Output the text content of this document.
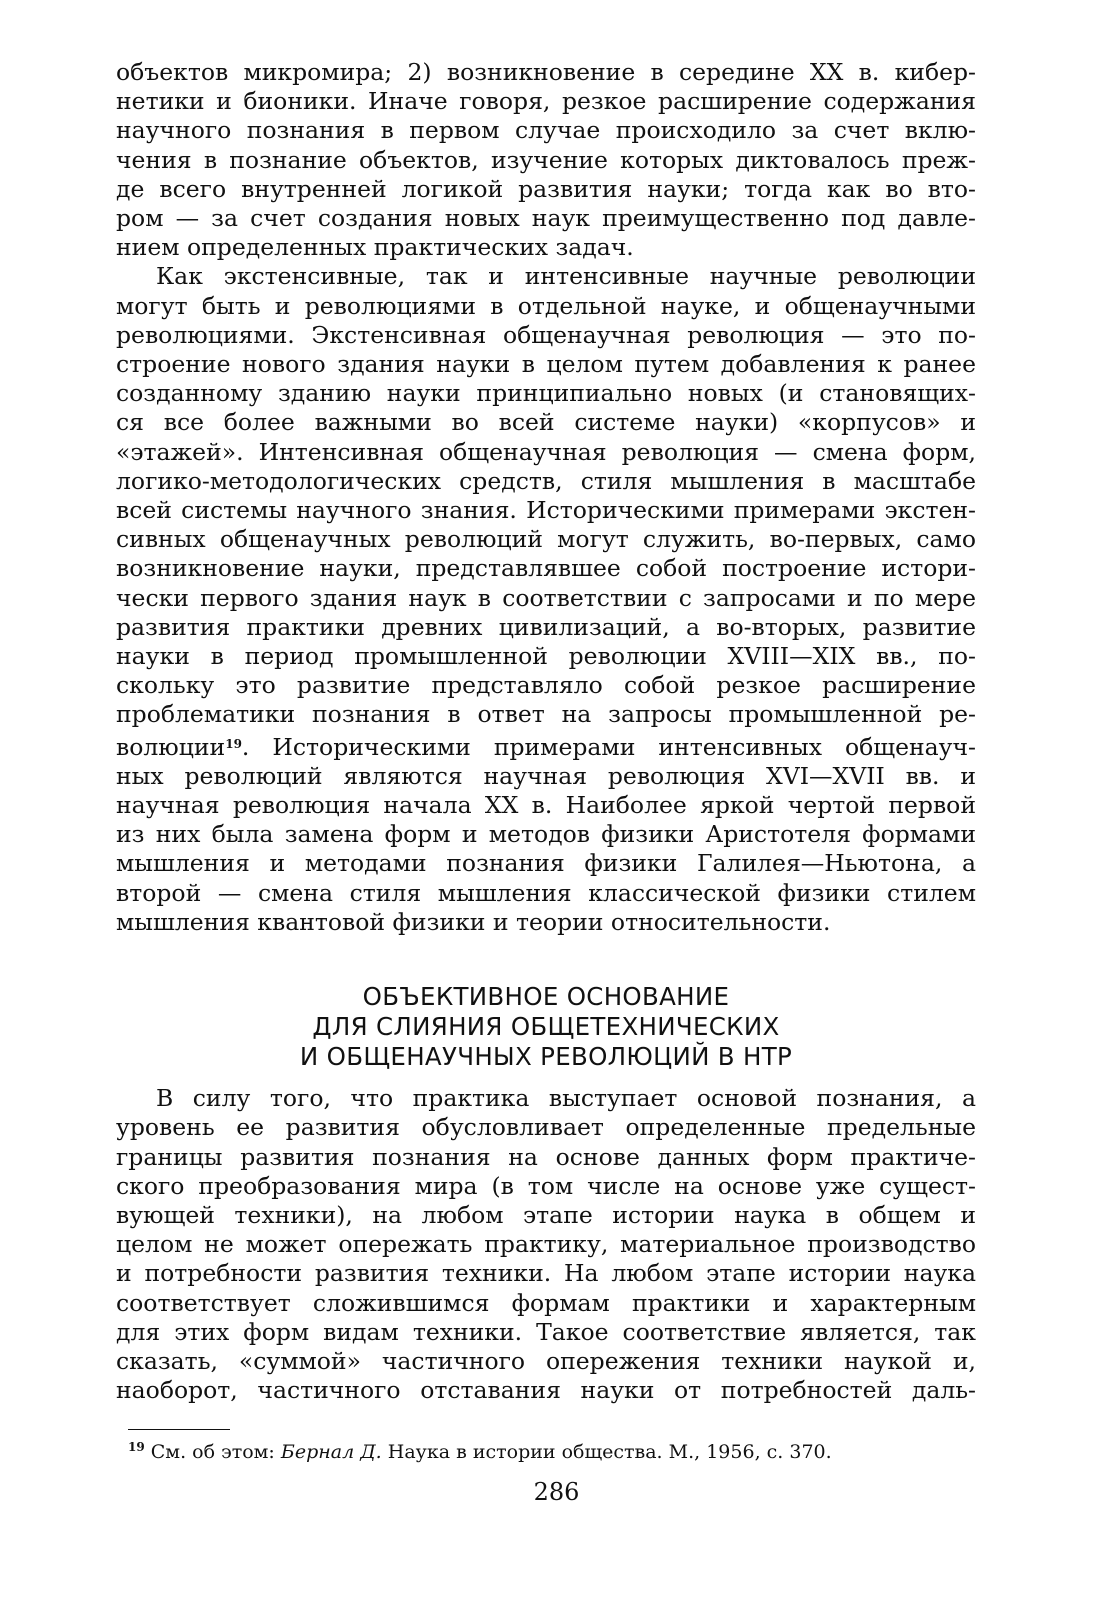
объектов микромира; 2) возникновение в середине XX в. кибер-
нетики и бионики. Иначе говоря, резкое расширение содержания
научного познания в первом случае происходило за счет вклю-
чения в познание объектов, изучение которых диктовалось преж-
де всего внутренней логикой развития науки; тогда как во вто-
ром — за счет создания новых наук преимущественно под давле-
нием определенных практических задач.

Как экстенсивные, так и интенсивные научные революции
могут быть и революциями в отдельной науке, и общенаучными
революциями. Экстенсивная общенаучная революция — это по-
строение нового здания науки в целом путем добавления к ранее
созданному зданию науки принципиально новых (и становящих-
ся все более важными во всей системе науки) «корпусов» и
«этажей». Интенсивная общенаучная революция — смена форм,
логико-методологических средств, стиля мышления в масштабе
всей системы научного знания. Историческими примерами экстен-
сивных общенаучных революций могут служить, во-первых, само
возникновение науки, представлявшее собой построение истори-
чески первого здания наук в соответствии с запросами и по мере
развития практики древних цивилизаций, а во-вторых, развитие
науки в период промышленной революции XVIII—XIX вв., по-
скольку это развитие представляло собой резкое расширение
проблематики познания в ответ на запросы промышленной ре-
волюции$^{19}$. Историческими примерами интенсивных общенауч-
ных революций являются научная революция XVI—XVII вв. и
научная революция начала XX в. Наиболее яркой чертой первой
из них была замена форм и методов физики Аристотеля формами
мышления и методами познания физики Галилея—Ньютона, а
второй — смена стиля мышления классической физики стилем
мышления квантовой физики и теории относительности.

ОБЪЕКТИВНОЕ ОСНОВАНИЕ
ДЛЯ СЛИЯНИЯ ОБЩЕТЕХНИЧЕСКИХ
И ОБЩЕНАУЧНЫХ РЕВОЛЮЦИЙ В НТР

В силу того, что практика выступает основой познания, а
уровень ее развития обусловливает определенные предельные
границы развития познания на основе данных форм практиче-
ского преобразования мира (в том числе на основе уже сущест-
вующей техники), на любом этапе истории наука в общем и
целом не может опережать практику, материальное производство
и потребности развития техники. На любом этапе истории наука
соответствует сложившимся формам практики и характерным
для этих форм видам техники. Такое соответствие является, так
сказать, «суммой» частичного опережения техники наукой и,
наоборот, частичного отставания науки от потребностей даль-

$^{19}$ См. об этом: Бернал Д. Наука в истории общества. М., 1956, с. 370.
286
